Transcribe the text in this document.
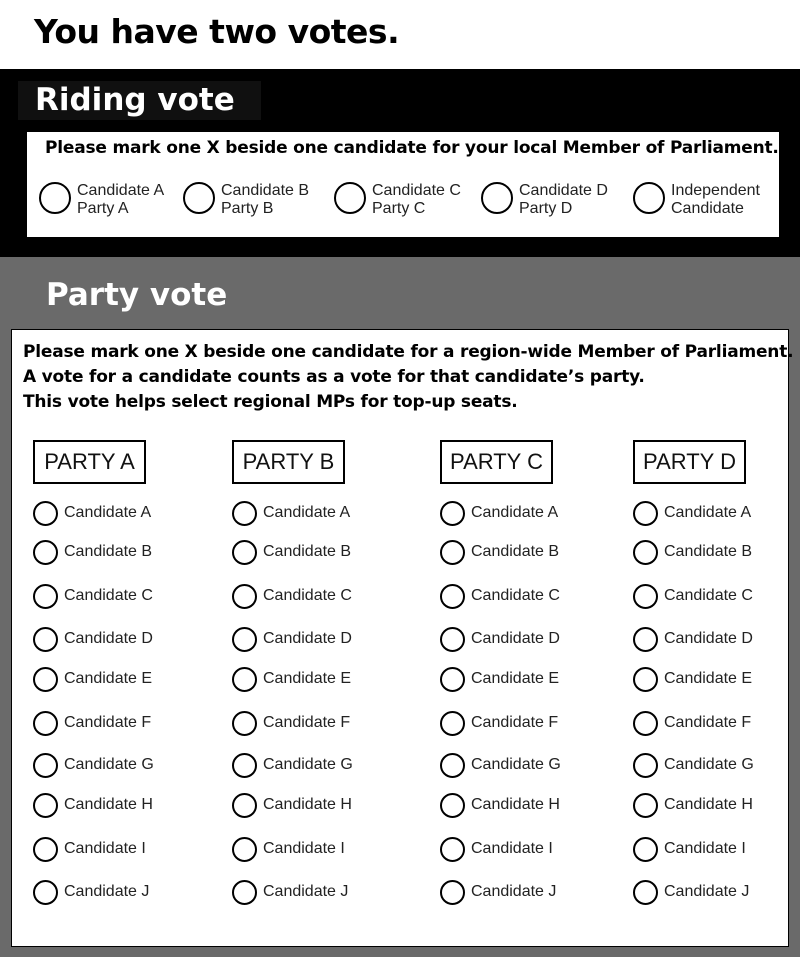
You have two votes.
Riding vote
Please mark one X beside one candidate for your local Member of Parliament.
Candidate A
Party A
Candidate B
Party B
Candidate C
Party C
Candidate D
Party D
Independent
Candidate
Party vote
Please mark one X beside one candidate for a region-wide Member of Parliament.
A vote for a candidate counts as a vote for that candidate’s party.
This vote helps select regional MPs for top-up seats.
PARTY A
Candidate A
Candidate B
Candidate C
Candidate D
Candidate E
Candidate F
Candidate G
Candidate H
Candidate I
Candidate J
PARTY B
Candidate A
Candidate B
Candidate C
Candidate D
Candidate E
Candidate F
Candidate G
Candidate H
Candidate I
Candidate J
PARTY C
Candidate A
Candidate B
Candidate C
Candidate D
Candidate E
Candidate F
Candidate G
Candidate H
Candidate I
Candidate J
PARTY D
Candidate A
Candidate B
Candidate C
Candidate D
Candidate E
Candidate F
Candidate G
Candidate H
Candidate I
Candidate J
